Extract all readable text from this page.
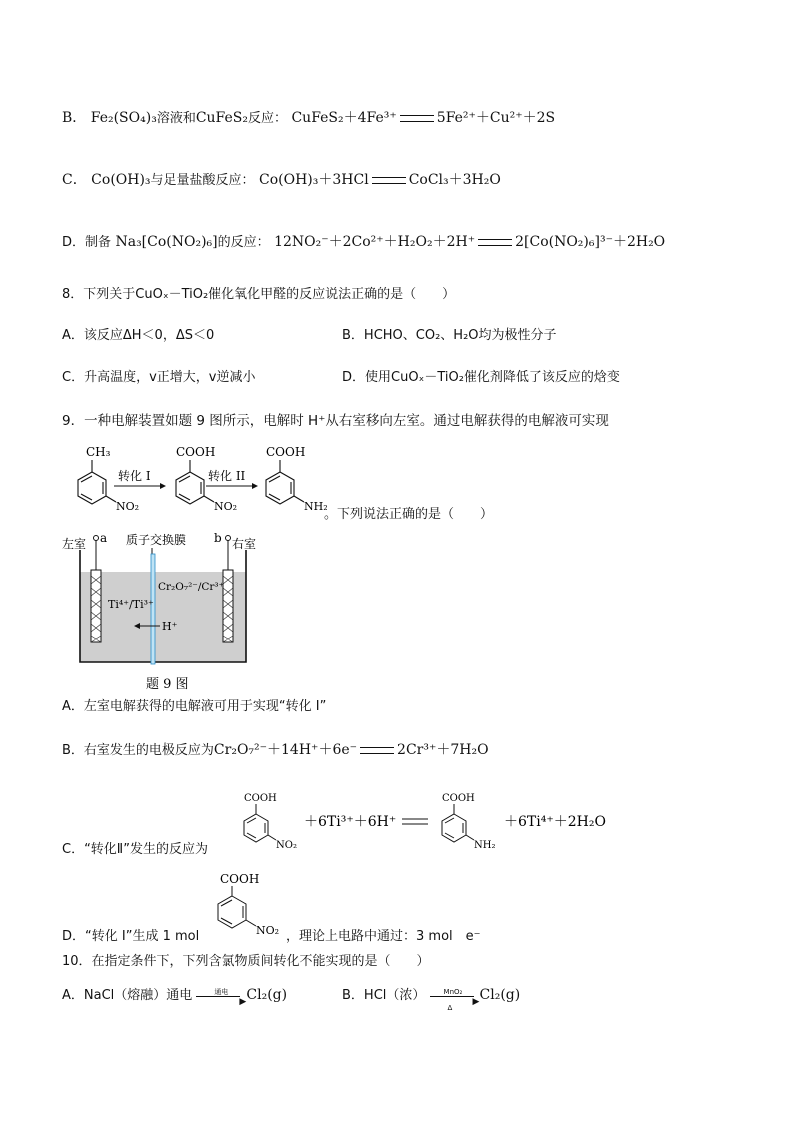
B． Fe₂(SO₄)₃溶液和CuFeS₂反应： CuFeS₂＋4Fe³⁺	5Fe²⁺＋Cu²⁺＋2S
C． Co(OH)₃与足量盐酸反应： Co(OH)₃＋3HCl	CoCl₃＋3H₂O
D．制备 Na₃[Co(NO₂)₆]的反应： 12NO₂⁻＋2Co²⁺＋H₂O₂＋2H⁺	2[Co(NO₂)₆]³⁻＋2H₂O
8．下列关于CuOₓ－TiO₂催化氧化甲醛的反应说法正确的是（　　）
A．该反应ΔH＜0，ΔS＜0	B．HCHO、CO₂、H₂O均为极性分子
C．升高温度，v正增大，v逆减小	D．使用CuOₓ－TiO₂催化剂降低了该反应的焓变
9．一种电解装置如题 9 图所示，电解时 H⁺从右室移向左室。通过电解获得的电解液可实现
CH₃
NO₂
转化 I
COOH
NO₂
转化 II
COOH
NH₂
。下列说法正确的是（　　）
左室 a 质子交换膜 b 右室
Ti⁴⁺/Ti³⁺
Cr₂O₇²⁻/Cr³⁺
H⁺
题 9 图
A．左室电解获得的电解液可用于实现“转化 I”
B．右室发生的电极反应为Cr₂O₇²⁻＋14H⁺＋6e⁻	2Cr³⁺＋7H₂O
C．“转化Ⅱ”发生的反应为
COOH
NO₂
＋6Ti³⁺＋6H⁺
COOH
NH₂
＋6Ti⁴⁺＋2H₂O
D．“转化 I”生成 1 mol
COOH
NO₂ ，理论上电路中通过：3 mol　e⁻
10．在指定条件下，下列含氯物质间转化不能实现的是（　　）
A．NaCl（熔融）通电	通电
▶ Cl₂(g)	B．HCl（浓）	MnO₂
▶
Δ
Cl₂(g)
